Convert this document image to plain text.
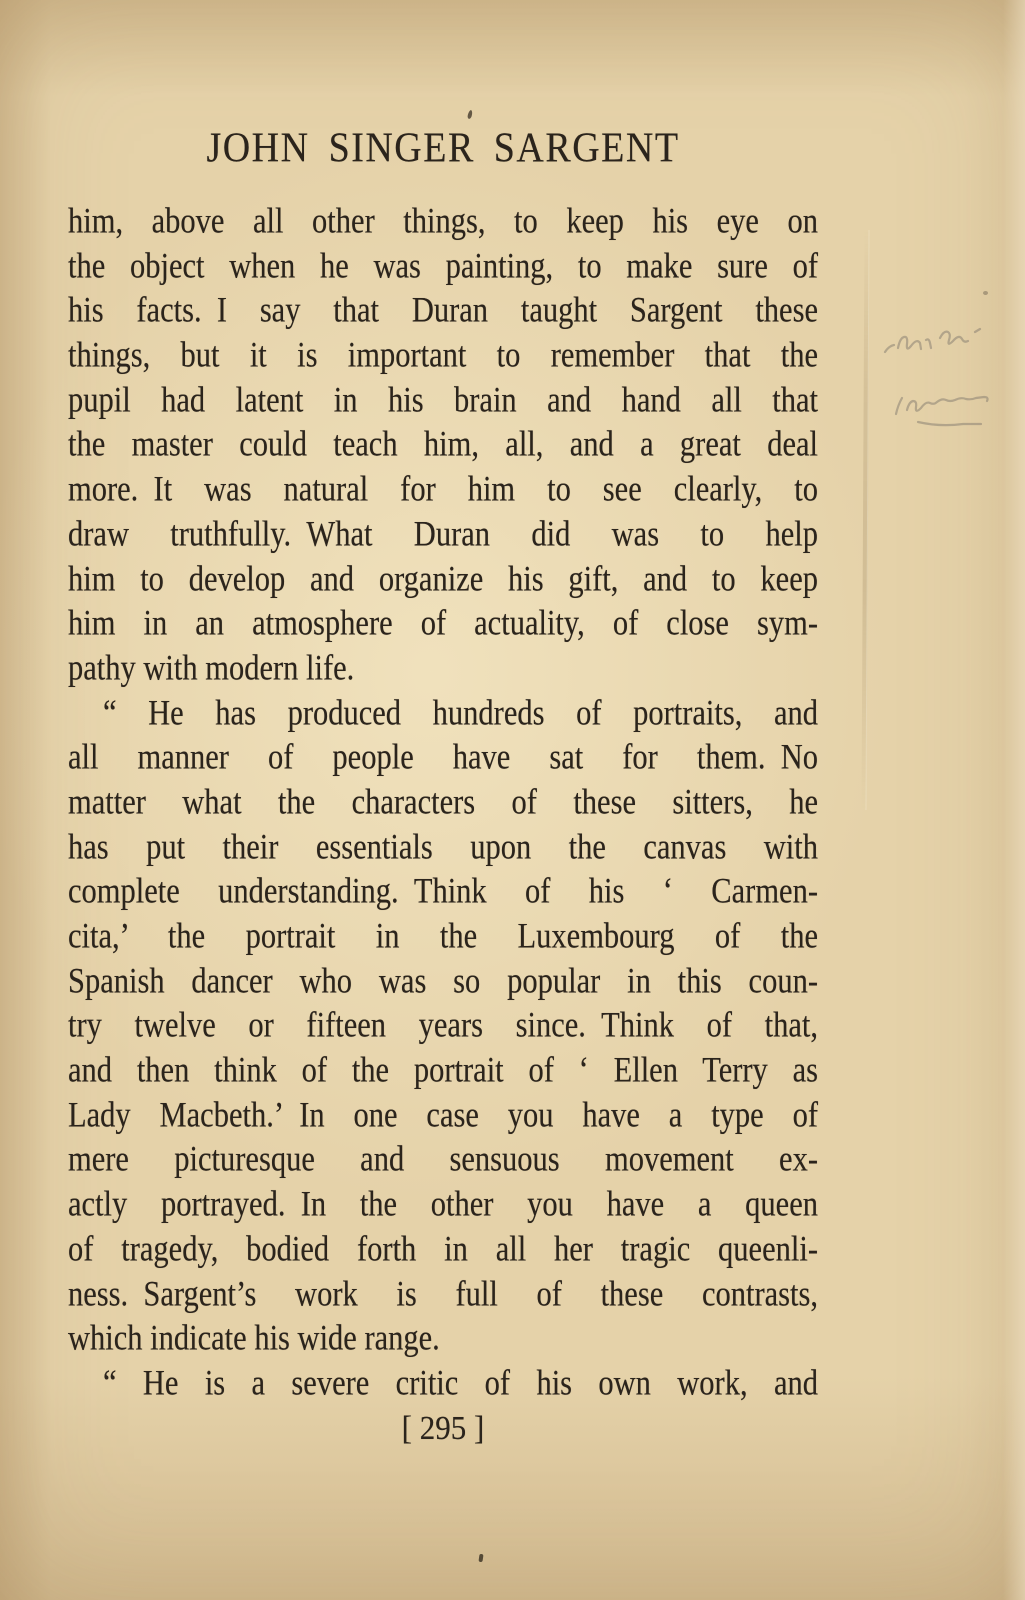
JOHN SINGER SARGENT
him, above all other things, to keep his eye on
the object when he was painting, to make sure of
his facts. I say that Duran taught Sargent these
things, but it is important to remember that the
pupil had latent in his brain and hand all that
the master could teach him, all, and a great deal
more. It was natural for him to see clearly, to
draw truthfully. What Duran did was to help
him to develop and organize his gift, and to keep
him in an atmosphere of actuality, of close sym-
pathy with modern life.
“ He has produced hundreds of portraits, and
all manner of people have sat for them. No
matter what the characters of these sitters, he
has put their essentials upon the canvas with
complete understanding. Think of his ‘ Carmen-
cita,’ the portrait in the Luxembourg of the
Spanish dancer who was so popular in this coun-
try twelve or fifteen years since. Think of that,
and then think of the portrait of ‘ Ellen Terry as
Lady Macbeth.’ In one case you have a type of
mere picturesque and sensuous movement ex-
actly portrayed. In the other you have a queen
of tragedy, bodied forth in all her tragic queenli-
ness. Sargent’s work is full of these contrasts,
which indicate his wide range.
“ He is a severe critic of his own work, and
[ 295 ]
